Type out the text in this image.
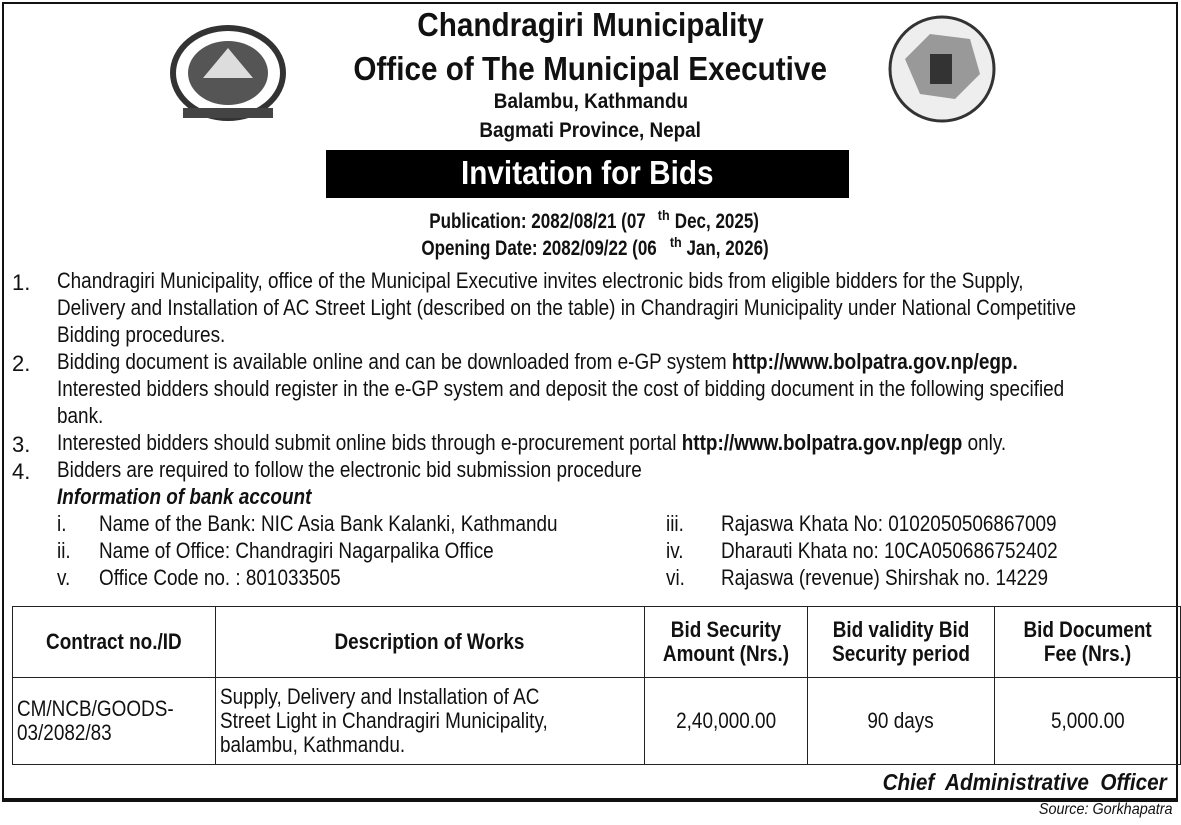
Chandragiri Municipality
Office of The Municipal Executive
Balambu, Kathmandu
Bagmati Province, Nepal
Invitation for Bids
Publication: 2082/08/21 (07 $^{th}$Dec, 2025)
Opening Date: 2082/09/22 (06 $^{th}$Jan, 2026)
1. Chandragiri Municipality, office of the Municipal Executive invites electronic bids from eligible bidders for the Supply,
Delivery and Installation of AC Street Light (described on the table) in Chandragiri Municipality under National Competitive
Bidding procedures.
2. Bidding document is available online and can be downloaded from e-GP system http://www.bolpatra.gov.np/egp.
Interested bidders should register in the e-GP system and deposit the cost of bidding document in the following specified
bank.
3. Interested bidders should submit online bids through e-procurement portal http://www.bolpatra.gov.np/egp only.
4. Bidders are required to follow the electronic bid submission procedure
Information of bank account
i. Name of the Bank: NIC Asia Bank Kalanki, Kathmandu
ii. Name of Office: Chandragiri Nagarpalika Office
v. Office Code no. : 801033505
iii. Rajaswa Khata No: 0102050506867009
iv. Dharauti Khata no: 10CA050686752402
vi. Rajaswa (revenue) Shirshak no. 14229
Contract no./ID	Description of Works	Bid Security Amount (Nrs.)	Bid validity Bid Security period	Bid Document Fee (Nrs.)
CM/NCB/GOODS-03/2082/83	Supply, Delivery and Installation of AC Street Light in Chandragiri Municipality, balambu, Kathmandu.	2,40,000.00	90 days	5,000.00
Chief  Administrative  Officer
Source: Gorkhapatra
